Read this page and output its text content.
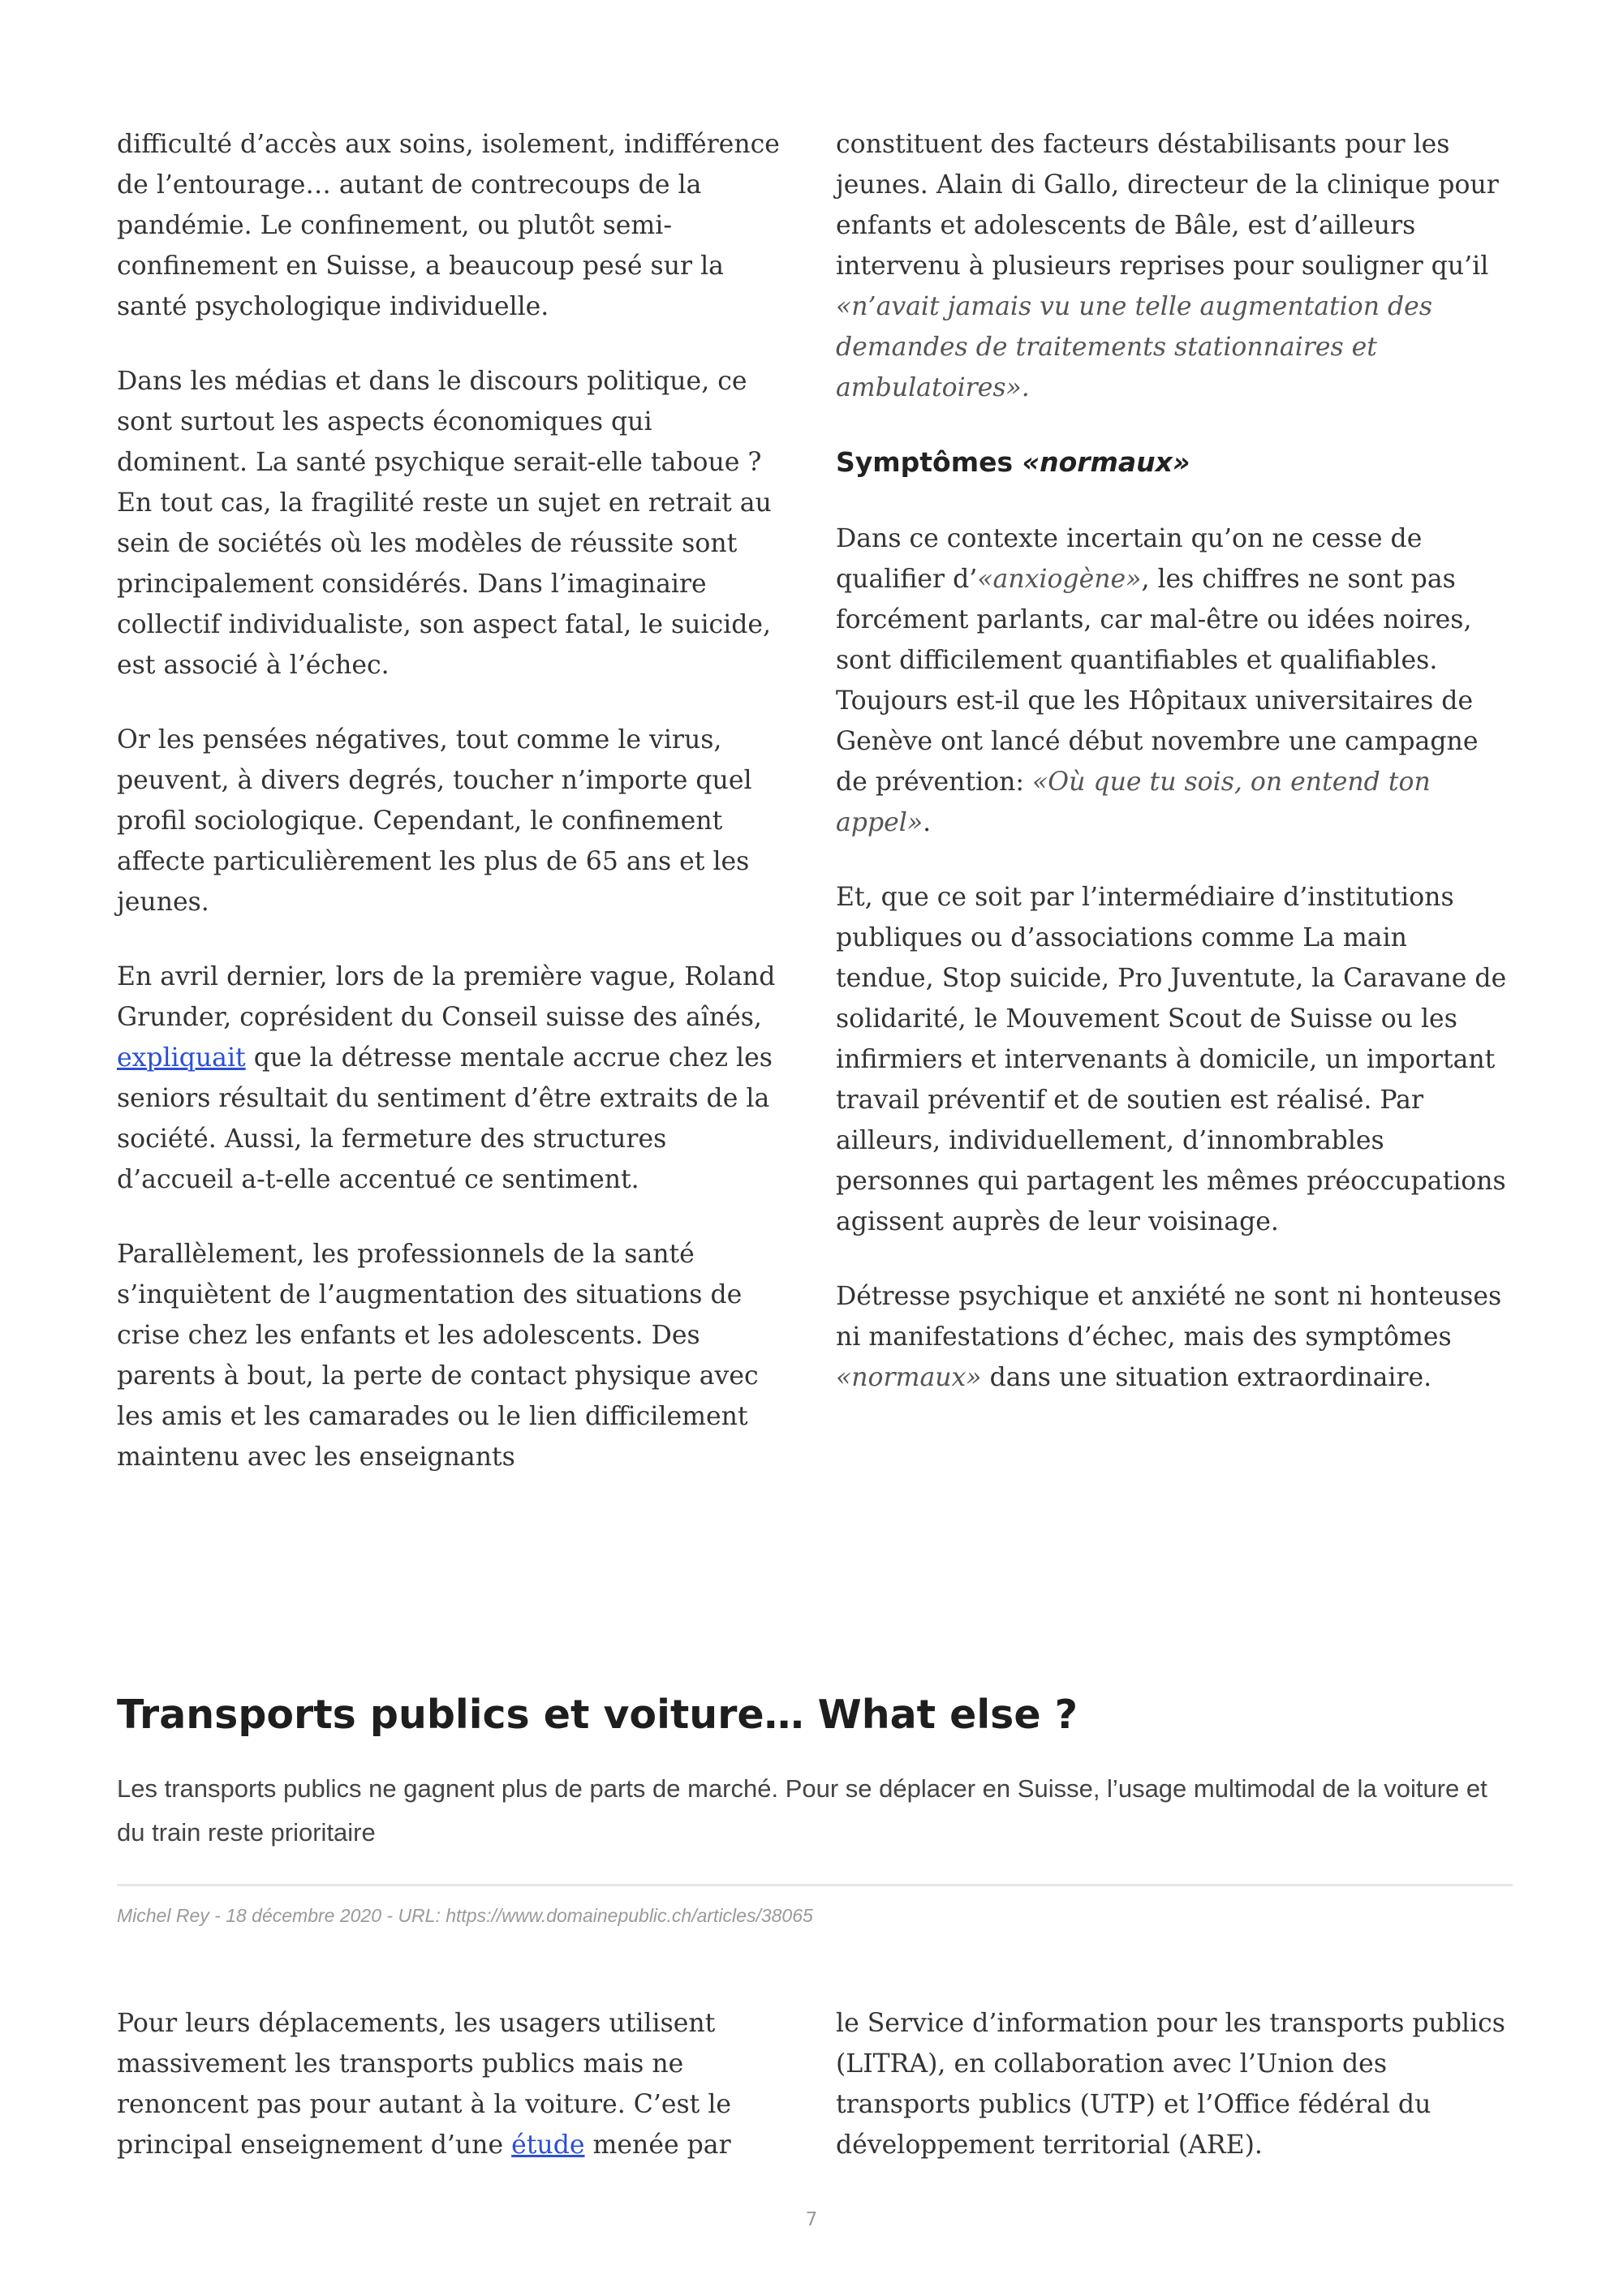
difficulté d’accès aux soins, isolement, indifférence de l’entourage… autant de contrecoups de la pandémie. Le confinement, ou plutôt semi-confinement en Suisse, a beaucoup pesé sur la santé psychologique individuelle.

Dans les médias et dans le discours politique, ce sont surtout les aspects économiques qui dominent. La santé psychique serait-elle taboue ? En tout cas, la fragilité reste un sujet en retrait au sein de sociétés où les modèles de réussite sont principalement considérés. Dans l’imaginaire collectif individualiste, son aspect fatal, le suicide, est associé à l’échec.

Or les pensées négatives, tout comme le virus, peuvent, à divers degrés, toucher n’importe quel profil sociologique. Cependant, le confinement affecte particulièrement les plus de 65 ans et les jeunes.

En avril dernier, lors de la première vague, Roland Grunder, coprésident du Conseil suisse des aînés, expliquait que la détresse mentale accrue chez les seniors résultait du sentiment d’être extraits de la société. Aussi, la fermeture des structures d’accueil a-t-elle accentué ce sentiment.

Parallèlement, les professionnels de la santé s’inquiètent de l’augmentation des situations de crise chez les enfants et les adolescents. Des parents à bout, la perte de contact physique avec les amis et les camarades ou le lien difficilement maintenu avec les enseignants

constituent des facteurs déstabilisants pour les jeunes. Alain di Gallo, directeur de la clinique pour enfants et adolescents de Bâle, est d’ailleurs intervenu à plusieurs reprises pour souligner qu’il «n’avait jamais vu une telle augmentation des demandes de traitements stationnaires et ambulatoires».

Symptômes «normaux»

Dans ce contexte incertain qu’on ne cesse de qualifier d’«anxiogène», les chiffres ne sont pas forcément parlants, car mal-être ou idées noires, sont difficilement quantifiables et qualifiables. Toujours est-il que les Hôpitaux universitaires de Genève ont lancé début novembre une campagne de prévention: «Où que tu sois, on entend ton appel».

Et, que ce soit par l’intermédiaire d’institutions publiques ou d’associations comme La main tendue, Stop suicide, Pro Juventute, la Caravane de solidarité, le Mouvement Scout de Suisse ou les infirmiers et intervenants à domicile, un important travail préventif et de soutien est réalisé. Par ailleurs, individuellement, d’innombrables personnes qui partagent les mêmes préoccupations agissent auprès de leur voisinage.

Détresse psychique et anxiété ne sont ni honteuses ni manifestations d’échec, mais des symptômes «normaux» dans une situation extraordinaire.

Transports publics et voiture… What else ?

Les transports publics ne gagnent plus de parts de marché. Pour se déplacer en Suisse, l’usage multimodal de la voiture et du train reste prioritaire

Michel Rey - 18 décembre 2020 - URL: https://www.domainepublic.ch/articles/38065

Pour leurs déplacements, les usagers utilisent massivement les transports publics mais ne renoncent pas pour autant à la voiture. C’est le principal enseignement d’une étude menée par

le Service d’information pour les transports publics (LITRA), en collaboration avec l’Union des transports publics (UTP) et l’Office fédéral du développement territorial (ARE).

7
